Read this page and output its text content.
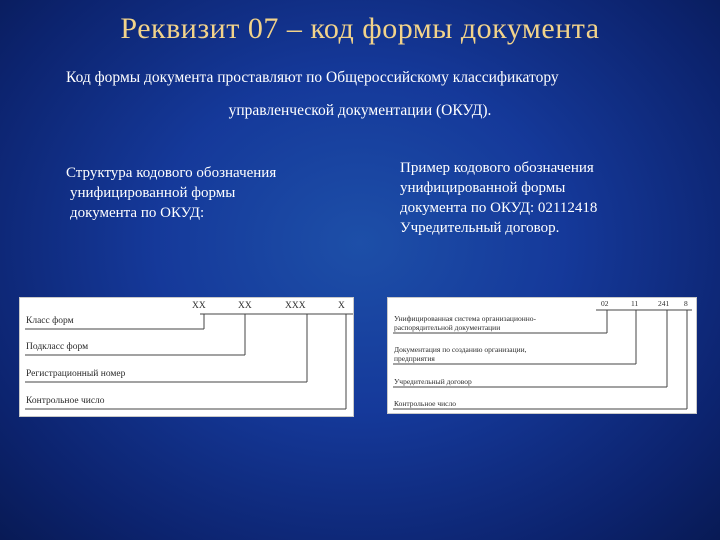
Реквизит 07 – код формы документа
Код формы документа проставляют по Общероссийскому классификатору
управленческой документации (ОКУД).
Структура кодового обозначения
унифицированной формы
документа по ОКУД:
Пример кодового обозначения
унифицированной формы
документа по ОКУД: 02112418
Учредительный договор.
ХХ	ХХ	ХХХ	Х
Класс форм
Подкласс форм
Регистрационный номер
Контрольное число
02	11	241 8
Унифицированная система организационно-
распорядительной документации
Документация по созданию организации,
предприятия
Учредительный договор
Контрольное число
